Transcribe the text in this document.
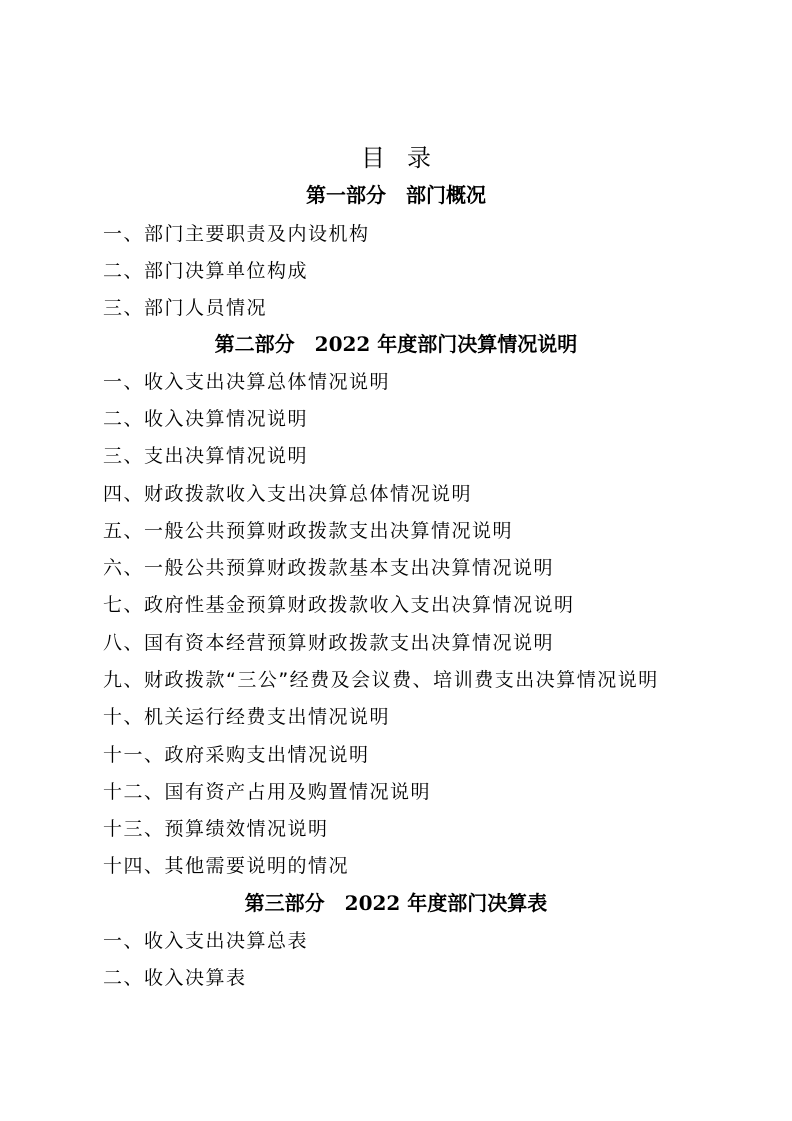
目录
第一部分　部门概况
一、部门主要职责及内设机构
二、部门决算单位构成
三、部门人员情况
第二部分　2022 年度部门决算情况说明
一、收入支出决算总体情况说明
二、收入决算情况说明
三、支出决算情况说明
四、财政拨款收入支出决算总体情况说明
五、一般公共预算财政拨款支出决算情况说明
六、一般公共预算财政拨款基本支出决算情况说明
七、政府性基金预算财政拨款收入支出决算情况说明
八、国有资本经营预算财政拨款支出决算情况说明
九、财政拨款“三公”经费及会议费、培训费支出决算情况说明
十、机关运行经费支出情况说明
十一、政府采购支出情况说明
十二、国有资产占用及购置情况说明
十三、预算绩效情况说明
十四、其他需要说明的情况
第三部分　2022 年度部门决算表
一、收入支出决算总表
二、收入决算表
